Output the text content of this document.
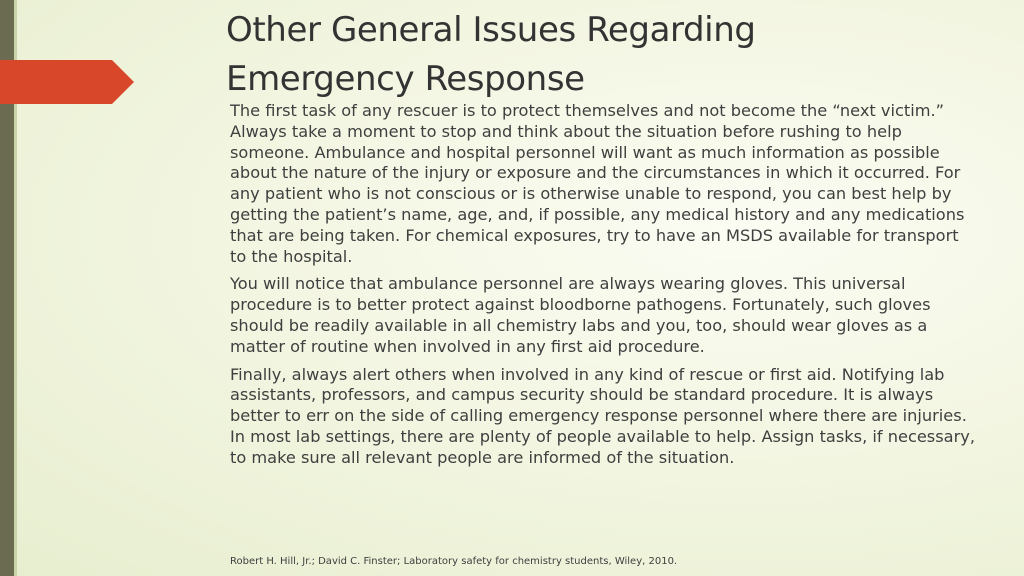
Other General Issues Regarding
Emergency Response

The first task of any rescuer is to protect themselves and not become the “next victim.” Always take a moment to stop and think about the situation before rushing to help someone. Ambulance and hospital personnel will want as much information as possible about the nature of the injury or exposure and the circumstances in which it occurred. For any patient who is not conscious or is otherwise unable to respond, you can best help by getting the patient’s name, age, and, if possible, any medical history and any medications that are being taken. For chemical exposures, try to have an MSDS available for transport to the hospital.

You will notice that ambulance personnel are always wearing gloves. This universal procedure is to better protect against bloodborne pathogens. Fortunately, such gloves should be readily available in all chemistry labs and you, too, should wear gloves as a matter of routine when involved in any first aid procedure.

Finally, always alert others when involved in any kind of rescue or first aid. Notifying lab assistants, professors, and campus security should be standard procedure. It is always better to err on the side of calling emergency response personnel where there are injuries. In most lab settings, there are plenty of people available to help. Assign tasks, if necessary, to make sure all relevant people are informed of the situation.

Robert H. Hill, Jr.; David C. Finster; Laboratory safety for chemistry students, Wiley, 2010.
